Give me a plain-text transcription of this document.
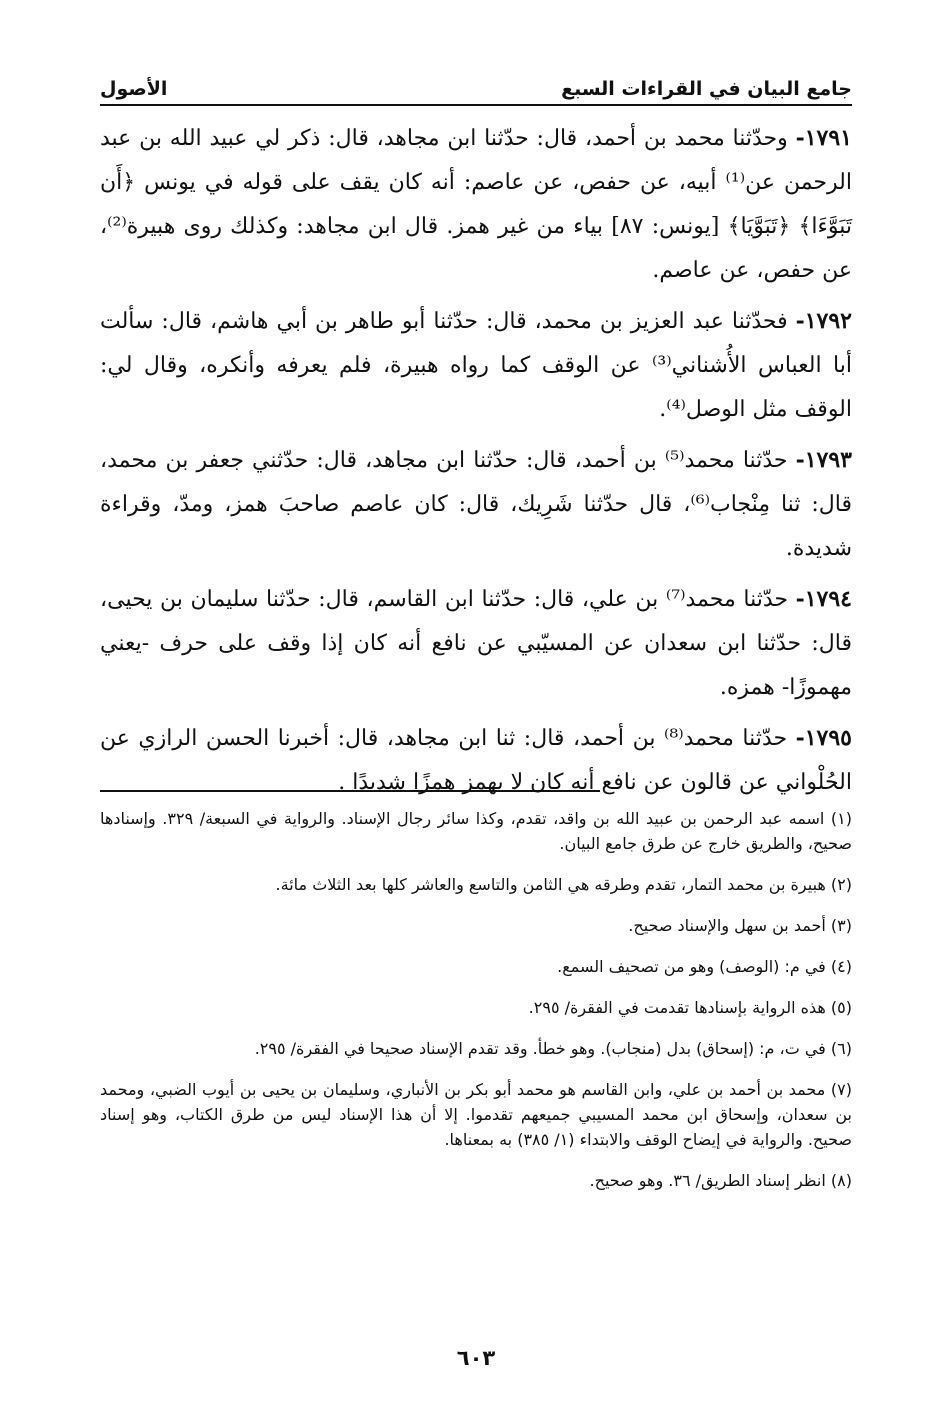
جامع البيان في القراءات السبع
الأصول

١٧٩١- وحدّثنا محمد بن أحمد، قال: حدّثنا ابن مجاهد، قال: ذكر لي عبيد الله بن عبد الرحمن عن⁽¹⁾ أبيه، عن حفص، عن عاصم: أنه كان يقف على قوله في يونس ﴿أَن تَبَوَّءَا﴾ ﴿تَبَوَّيَا﴾ [يونس: ٨٧] بياء من غير همز. قال ابن مجاهد: وكذلك روى هبيرة⁽²⁾، عن حفص، عن عاصم.

١٧٩٢- فحدّثنا عبد العزيز بن محمد، قال: حدّثنا أبو طاهر بن أبي هاشم، قال: سألت أبا العباس الأُشناني⁽³⁾ عن الوقف كما رواه هبيرة، فلم يعرفه وأنكره، وقال لي: الوقف مثل الوصل⁽⁴⁾.

١٧٩٣- حدّثنا محمد⁽⁵⁾ بن أحمد، قال: حدّثنا ابن مجاهد، قال: حدّثني جعفر بن محمد، قال: ثنا مِنْجاب⁽⁶⁾، قال حدّثنا شَرِيك، قال: كان عاصم صاحبَ همز، ومدّ، وقراءة شديدة.

١٧٩٤- حدّثنا محمد⁽⁷⁾ بن علي، قال: حدّثنا ابن القاسم، قال: حدّثنا سليمان بن يحيى، قال: حدّثنا ابن سعدان عن المسيّبي عن نافع أنه كان إذا وقف على حرف -يعني مهموزًا- همزه.

١٧٩٥- حدّثنا محمد⁽⁸⁾ بن أحمد، قال: ثنا ابن مجاهد، قال: أخبرنا الحسن الرازي عن الحُلْواني عن قالون عن نافع أنه كان لا يهمز همزًا شديدًا .

(١) اسمه عبد الرحمن بن عبيد الله بن واقد، تقدم، وكذا سائر رجال الإسناد. والرواية في السبعة/ ٣٢٩. وإسنادها صحيح، والطريق خارج عن طرق جامع البيان.

(٢) هبيرة بن محمد التمار، تقدم وطرقه هي الثامن والتاسع والعاشر كلها بعد الثلاث مائة.

(٣) أحمد بن سهل والإسناد صحيح.

(٤) في م: (الوصف) وهو من تصحيف السمع.

(٥) هذه الرواية بإسنادها تقدمت في الفقرة/ ٢٩٥.

(٦) في ت، م: (إسحاق) بدل (منجاب). وهو خطأ. وقد تقدم الإسناد صحيحا في الفقرة/ ٢٩٥.

(٧) محمد بن أحمد بن علي، وابن القاسم هو محمد أبو بكر بن الأنباري، وسليمان بن يحيى بن أيوب الضبي، ومحمد بن سعدان، وإسحاق ابن محمد المسيبي جميعهم تقدموا. إلا أن هذا الإسناد ليس من طرق الكتاب، وهو إسناد صحيح. والرواية في إيضاح الوقف والابتداء (١/ ٣٨٥) به بمعناها.

(٨) انظر إسناد الطريق/ ٣٦. وهو صحيح.

٦٠٣
